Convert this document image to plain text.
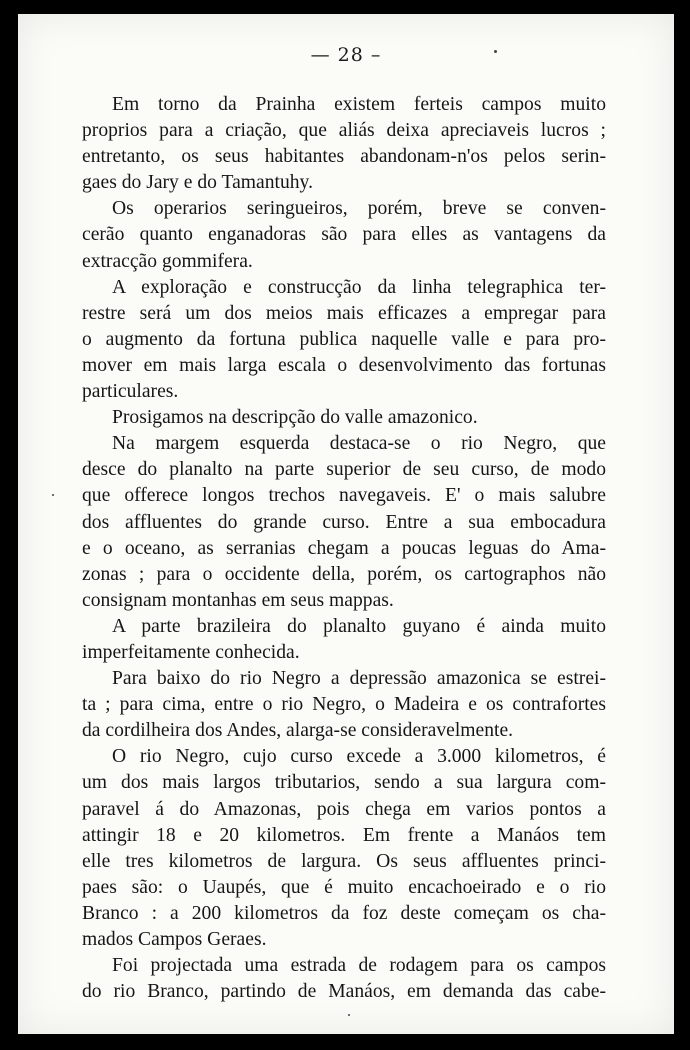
— 28 –
Em torno da Prainha existem ferteis campos muito
proprios para a criação, que aliás deixa apreciaveis lucros ;
entretanto, os seus habitantes abandonam-n'os pelos serin-
gaes do Jary e do Tamantuhy.
Os operarios seringueiros, porém, breve se conven-
cerão quanto enganadoras são para elles as vantagens da
extracção gommifera.
A exploração e construcção da linha telegraphica ter-
restre será um dos meios mais efficazes a empregar para
o augmento da fortuna publica naquelle valle e para pro-
mover em mais larga escala o desenvolvimento das fortunas
particulares.
Prosigamos na descripção do valle amazonico.
Na margem esquerda destaca-se o rio Negro, que
desce do planalto na parte superior de seu curso, de modo
que offerece longos trechos navegaveis. E' o mais salubre
dos affluentes do grande curso. Entre a sua embocadura
e o oceano, as serranias chegam a poucas leguas do Ama-
zonas ; para o occidente della, porém, os cartographos não
consignam montanhas em seus mappas.
A parte brazileira do planalto guyano é ainda muito
imperfeitamente conhecida.
Para baixo do rio Negro a depressão amazonica se estrei-
ta ; para cima, entre o rio Negro, o Madeira e os contrafortes
da cordilheira dos Andes, alarga-se consideravelmente.
O rio Negro, cujo curso excede a 3.000 kilometros, é
um dos mais largos tributarios, sendo a sua largura com-
paravel á do Amazonas, pois chega em varios pontos a
attingir 18 e 20 kilometros. Em frente a Manáos tem
elle tres kilometros de largura. Os seus affluentes princi-
paes são: o Uaupés, que é muito encachoeirado e o rio
Branco : a 200 kilometros da foz deste começam os cha-
mados Campos Geraes.
Foi projectada uma estrada de rodagem para os campos
do rio Branco, partindo de Manáos, em demanda das cabe-
